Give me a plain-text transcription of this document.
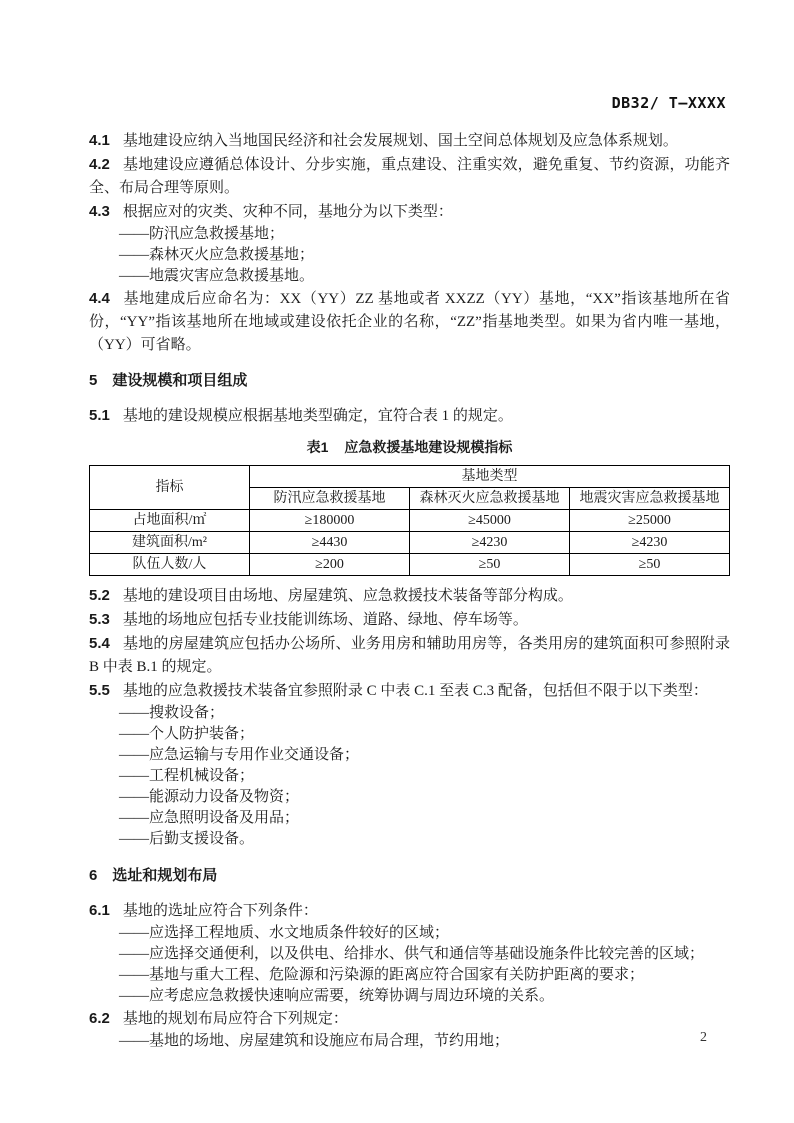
DB32/ T—XXXX

4.1 基地建设应纳入当地国民经济和社会发展规划、国土空间总体规划及应急体系规划。

4.2 基地建设应遵循总体设计、分步实施，重点建设、注重实效，避免重复、节约资源，功能齐全、布局合理等原则。

4.3 根据应对的灾类、灾种不同，基地分为以下类型：

——防汛应急救援基地；

——森林灭火应急救援基地；

——地震灾害应急救援基地。

4.4 基地建成后应命名为：XX（YY）ZZ 基地或者 XXZZ（YY）基地，“XX”指该基地所在省份，“YY”指该基地所在地域或建设依托企业的名称，“ZZ”指基地类型。如果为省内唯一基地，（YY）可省略。

5 建设规模和项目组成

5.1 基地的建设规模应根据基地类型确定，宜符合表 1 的规定。

表1 应急救援基地建设规模指标

指标	基地类型		
	防汛应急救援基地	森林灭火应急救援基地	地震灾害应急救援基地
占地面积/㎡	≥180000	≥45000	≥25000
建筑面积/m²	≥4430	≥4230	≥4230
队伍人数/人	≥200	≥50	≥50

5.2 基地的建设项目由场地、房屋建筑、应急救援技术装备等部分构成。

5.3 基地的场地应包括专业技能训练场、道路、绿地、停车场等。

5.4 基地的房屋建筑应包括办公场所、业务用房和辅助用房等，各类用房的建筑面积可参照附录 B 中表 B.1 的规定。

5.5 基地的应急救援技术装备宜参照附录 C 中表 C.1 至表 C.3 配备，包括但不限于以下类型：

——搜救设备；

——个人防护装备；

——应急运输与专用作业交通设备；

——工程机械设备；

——能源动力设备及物资；

——应急照明设备及用品；

——后勤支援设备。

6 选址和规划布局

6.1 基地的选址应符合下列条件：

——应选择工程地质、水文地质条件较好的区域；

——应选择交通便利，以及供电、给排水、供气和通信等基础设施条件比较完善的区域；

——基地与重大工程、危险源和污染源的距离应符合国家有关防护距离的要求；

——应考虑应急救援快速响应需要，统筹协调与周边环境的关系。

6.2 基地的规划布局应符合下列规定：

——基地的场地、房屋建筑和设施应布局合理，节约用地；	2
